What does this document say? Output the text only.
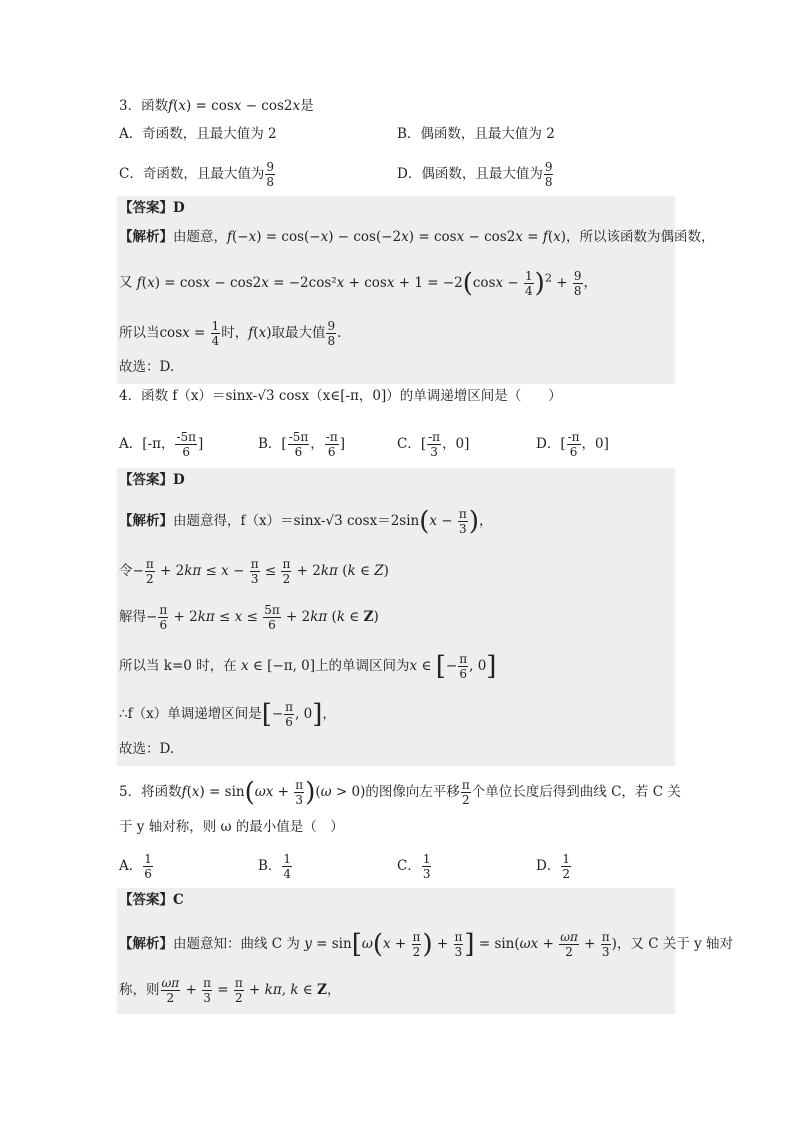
3．函数f(x) = cosx − cos2x是
A．奇函数，且最大值为 2	B．偶函数，且最大值为 2
C．奇函数，且最大值为 $\frac{9}{8}$	D．偶函数，且最大值为 $\frac{9}{8}$
【答案】D
【解析】由题意，f(−x) = cos(−x) − cos(−2x) = cosx − cos2x = f(x)，所以该函数为偶函数，
又 $f(x) = \cos x - \cos 2x = -2\cos^2x + \cos x + 1 = -2(\cos x - \frac{1}{4} )^2 + \frac{9}{8}$ ，
所以当$\cos x = \frac{1}{4}$ 时，f(x)取最大值 $\frac{9}{8}$ .
故选：D.
4．函数 f（x）＝sinx-√3 cosx（x∈[-π，0]）的单调递增区间是（　　）
A．[-π， $\frac{-5\pi}{6}$ ]	B．[ $\frac{-5\pi}{6}$ ， $\frac{-\pi}{6}$ ]	C．[ $\frac{-\pi}{3}$ ，0]	D．[ $\frac{-\pi}{6}$ ，0]
【答案】D
【解析】由题意得，f（x）＝sinx-√3 $\cos x=2\sin(x - \frac{\pi}{3}$ )，
令− $\frac{\pi}{2} + 2k\pi \le x - \frac{\pi}{3} \le \frac{\pi}{2} + 2k\pi$ (k ∈ Z)
解得− $\frac{\pi}{6} + 2k\pi \le x \le \frac{5\pi}{6} + 2k\pi$ (k ∈ Z)
所以当 k=0 时，在 x ∈ [−π, 0]上的单调区间为x ∈ [− $\frac{\pi}{6}$ , 0]
∴f（x）单调递增区间是[− $\frac{\pi}{6}$ , 0]，
故选：D.
5．将函数$f(x) = \sin(\omega x + \frac{\pi}{3} )(\omega > 0)$的图像向左平移 $\frac{\pi}{2}$ 个单位长度后得到曲线 C，若 C 关
于 y 轴对称，则 ω 的最小值是（　）
A． $\frac{1}{6}$	B． $\frac{1}{4}$	C． $\frac{1}{3}$	D． $\frac{1}{2}$
【答案】C
【解析】由题意知：曲线 C 为 $y = \sin[\omega(x + \frac{\pi}{2}$ ) + $\frac{\pi}{3}$ ] = $\sin(\omega x + \frac{\omega\pi}{2} + \frac{\pi}{3}$ )，又 C 关于 y 轴对
称，则 $\frac{\omega\pi}{2} + \frac{\pi}{3} = \frac{\pi}{2} + k\pi$, k ∈ Z，
